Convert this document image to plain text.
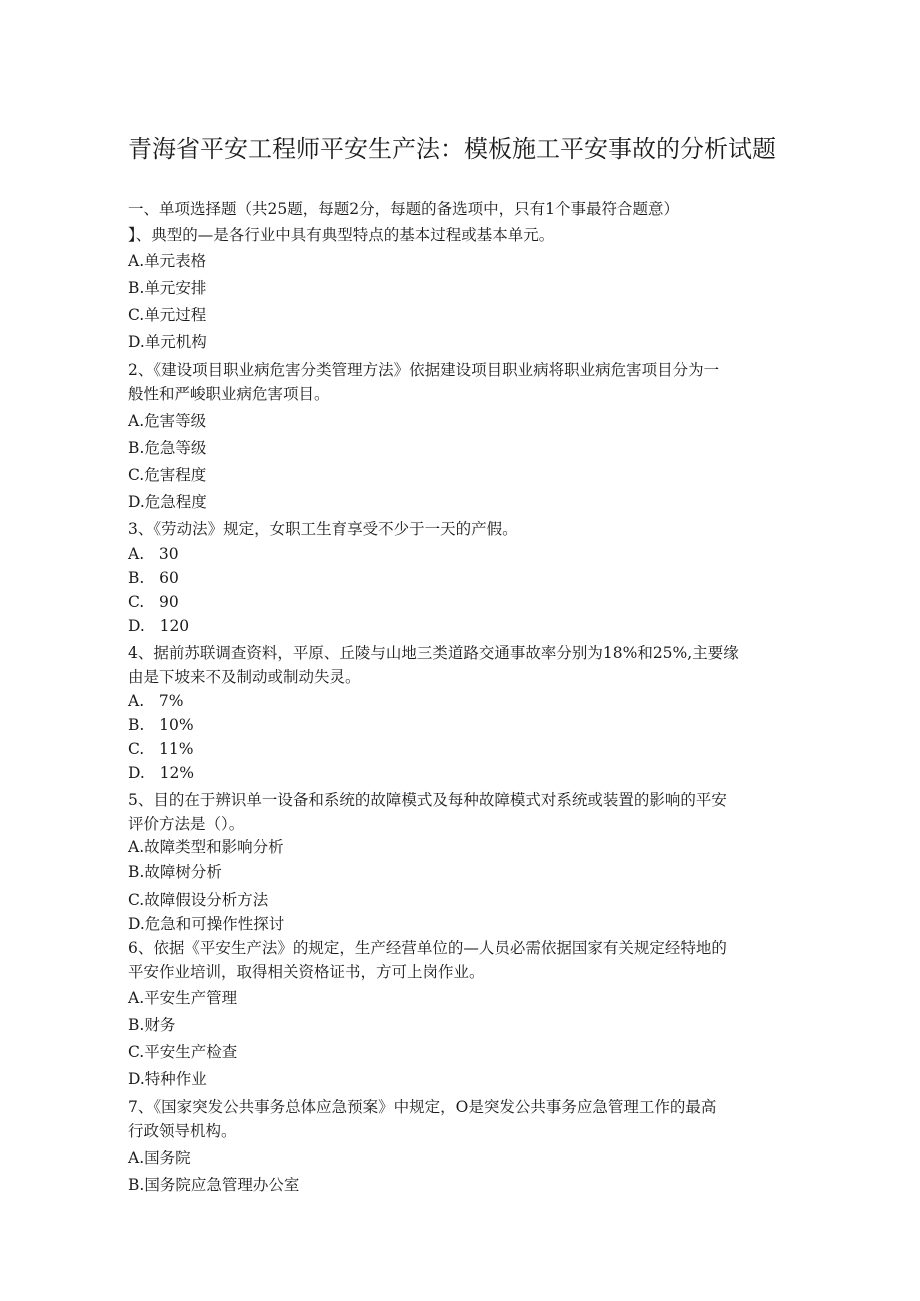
青海省平安工程师平安生产法：模板施工平安事故的分析试题
一、单项选择题（共25题，每题2分，每题的备选项中，只有1个事最符合题意）
】、典型的—是各行业中具有典型特点的基本过程或基本单元。
A.单元表格
B.单元安排
C.单元过程
D.单元机构
2、《建设项目职业病危害分类管理方法》依据建设项目职业病将职业病危害项目分为一
般性和严峻职业病危害项目。
A.危害等级
B.危急等级
C.危害程度
D.危急程度
3、《劳动法》规定，女职工生育享受不少于一天的产假。
A.   30
B.   60
C.   90
D.   120
4、据前苏联调查资料，平原、丘陵与山地三类道路交通事故率分别为18%和25%,主要缘
由是下坡来不及制动或制动失灵。
A.   7%
B.   10%
C.   11%
D.   12%
5、目的在于辨识单一设备和系统的故障模式及每种故障模式对系统或装置的影响的平安
评价方法是（）。
A.故障类型和影响分析
B.故障树分析
C.故障假设分析方法
D.危急和可操作性探讨
6、依据《平安生产法》的规定，生产经营单位的—人员必需依据国家有关规定经特地的
平安作业培训，取得相关资格证书，方可上岗作业。
A.平安生产管理
B.财务
C.平安生产检查
D.特种作业
7、《国家突发公共事务总体应急预案》中规定，O是突发公共事务应急管理工作的最高
行政领导机构。
A.国务院
B.国务院应急管理办公室
